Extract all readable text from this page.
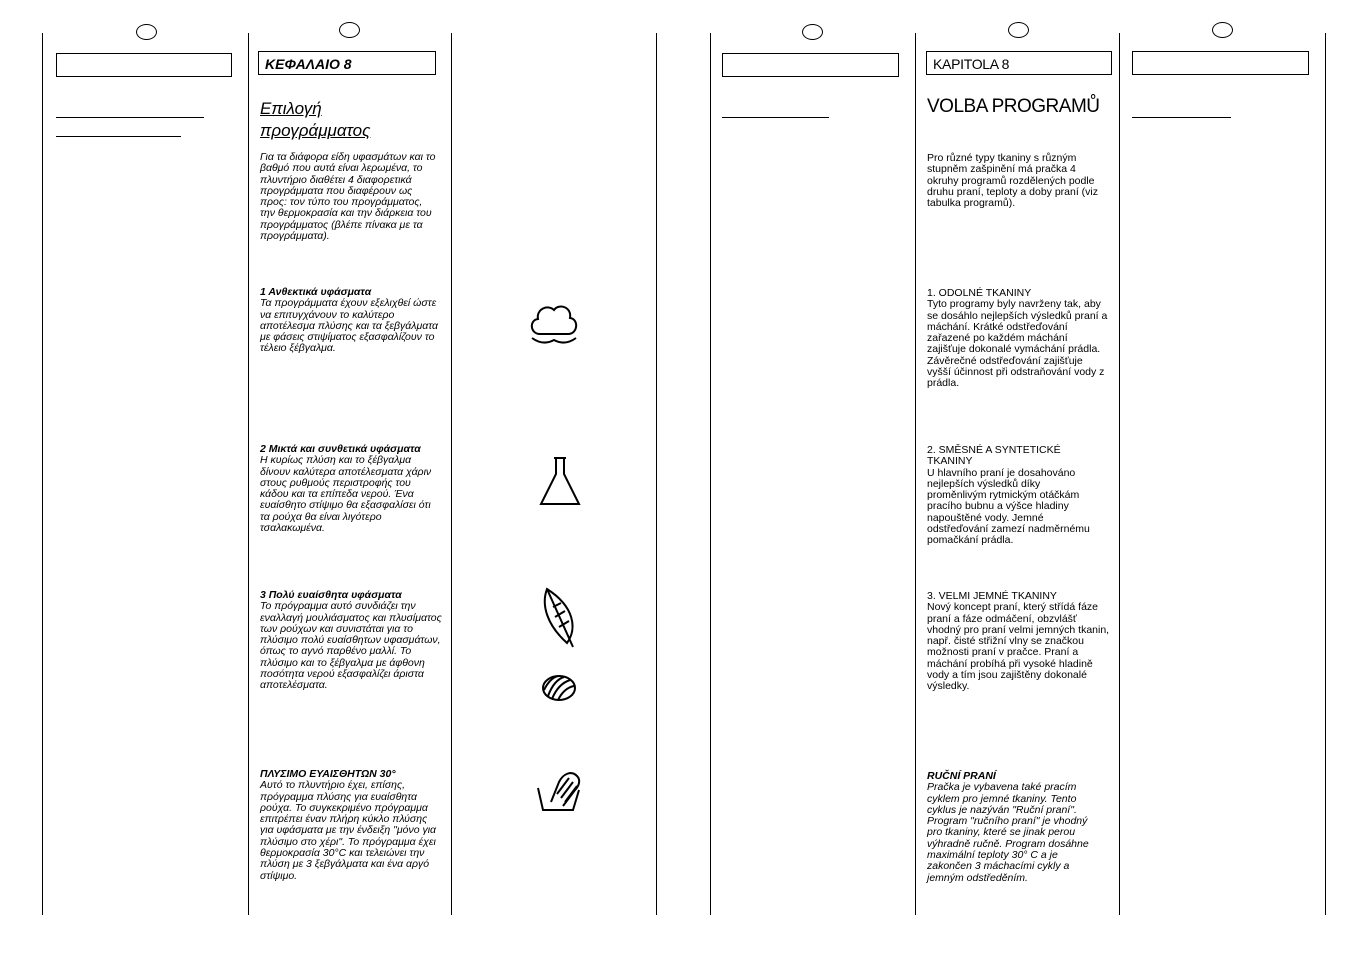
ΚΕΦΑΛΑΙΟ 8	KAPITOLA 8
Επιλογή προγράμματος
Για τα διάφορα είδη υφασμάτων και το βαθμό που αυτά είναι λερωμένα, το πλυντήριο διαθέτει 4 διαφορετικά προγράμματα που διαφέρουν ως προς: τον τύπο του προγράμματος, την θερμοκρασία και την διάρκεια του προγράμματος (βλέπε πίνακα με τα προγράμματα).
1 Ανθεκτικά υφάσματα
Τα προγράμματα έχουν εξελιχθεί ώστε να επιτυγχάνουν το καλύτερο αποτέλεσμα πλύσης και τα ξεβγάλματα με φάσεις στιψίματος εξασφαλίζουν το τέλειο ξέβγαλμα.
2 Μικτά και συνθετικά υφάσματα
Η κυρίως πλύση και το ξέβγαλμα δίνουν καλύτερα αποτέλεσματα χάριν στους ρυθμούς περιστροφής του κάδου και τα επίπεδα νερού. Ένα ευαίσθητο στίψιμο θα εξασφαλίσει ότι τα ρούχα θα είναι λιγότερο τσαλακωμένα.
3 Πολύ ευαίσθητα υφάσματα
Το πρόγραμμα αυτό συνδιάζει την εναλλαγή μουλιάσματος και πλυσίματος των ρούχων και συνιστάται για το πλύσιμο πολύ ευαίσθητων υφασμάτων, όπως το αγνό παρθένο μαλλί. Το πλύσιμο και το ξέβγαλμα με άφθονη ποσότητα νερού εξασφαλίζει άριστα αποτελέσματα.
ΠΛΥΣΙΜΟ ΕΥΑΙΣΘΗΤΩΝ 30°
Αυτό το πλυντήριο έχει, επίσης, πρόγραμμα πλύσης για ευαίσθητα ρούχα. Το συγκεκριμένο πρόγραμμα επιτρέπει έναν πλήρη κύκλο πλύσης για υφάσματα με την ένδειξη "μόνο για πλύσιμο στο χέρι". Το πρόγραμμα έχει θερμοκρασία 30°C και τελειώνει την πλύση με 3 ξεβγάλματα και ένα αργό στίψιμο.
VOLBA PROGRAMŮ
Pro různé typy tkaniny s různým stupněm zašpinění má pračka 4 okruhy programů rozdělených podle druhu praní, teploty a doby praní (viz tabulka programů).
1. ODOLNÉ TKANINY
Tyto programy byly navrženy tak, aby se dosáhlo nejlepších výsledků praní a máchání. Krátké odstřeďování zařazené po každém máchání zajišťuje dokonalé vymáchání prádla. Závěrečné odstřeďování zajišťuje vyšší účinnost při odstraňování vody z prádla.
2. SMĚSNÉ A SYNTETICKÉ TKANINY
U hlavního praní je dosahováno nejlepších výsledků díky proměnlivým rytmickým otáčkám pracího bubnu a výšce hladiny napouštěné vody. Jemné odstřeďování zamezí nadměrnému pomačkání prádla.
3. VELMI JEMNÉ TKANINY
Nový koncept praní, který střídá fáze praní a fáze odmáčení, obzvlášť vhodný pro praní velmi jemných tkanin, např. čisté střižní vlny se značkou možnosti praní v pračce. Praní a máchání probíhá při vysoké hladině vody a tím jsou zajištěny dokonalé výsledky.
RUČNÍ PRANÍ
Pračka je vybavena také pracím cyklem pro jemné tkaniny. Tento cyklus je nazýván "Ruční praní". Program "ručního praní" je vhodný pro tkaniny, které se jinak perou výhradně ručně. Program dosáhne maximální teploty 30° C a je zakončen 3 máchacími cykly a jemným odstředěním.
